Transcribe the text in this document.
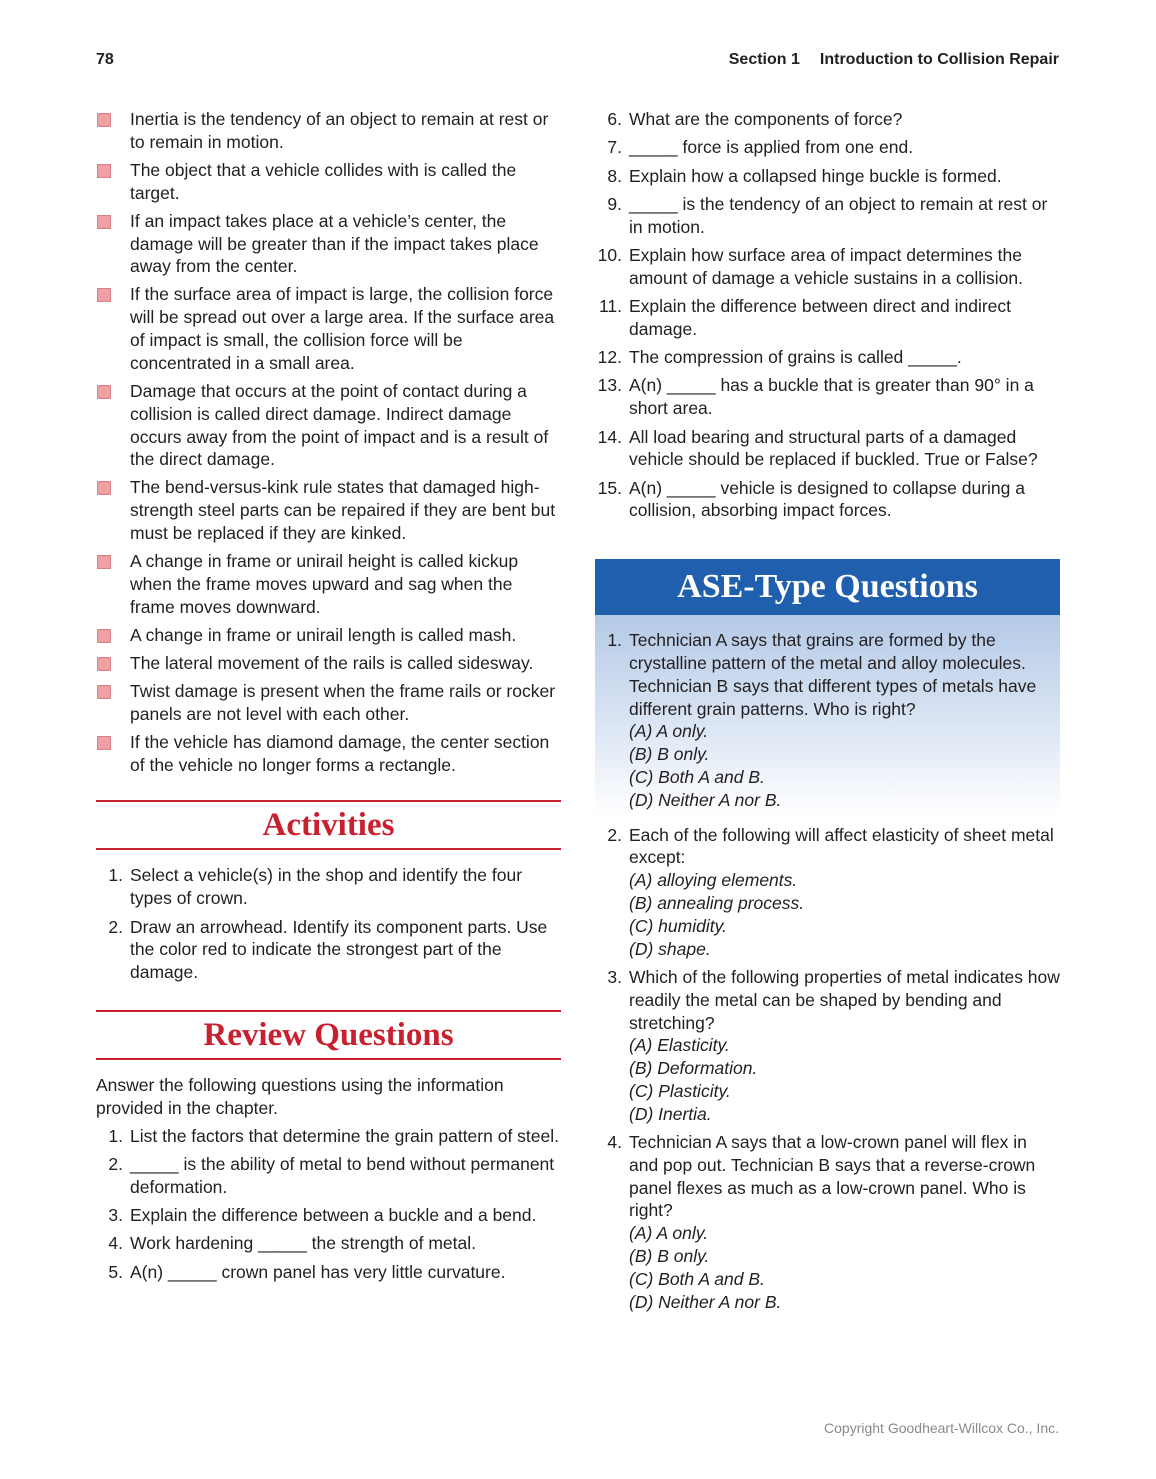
78	Section 1 Introduction to Collision Repair
Inertia is the tendency of an object to remain at rest or to remain in motion.
The object that a vehicle collides with is called the target.
If an impact takes place at a vehicle’s center, the damage will be greater than if the impact takes place away from the center.
If the surface area of impact is large, the collision force will be spread out over a large area. If the surface area of impact is small, the collision force will be concentrated in a small area.
Damage that occurs at the point of contact during a collision is called direct damage. Indirect damage occurs away from the point of impact and is a result of the direct damage.
The bend-versus-kink rule states that damaged high-strength steel parts can be repaired if they are bent but must be replaced if they are kinked.
A change in frame or unirail height is called kickup when the frame moves upward and sag when the frame moves downward.
A change in frame or unirail length is called mash.
The lateral movement of the rails is called sidesway.
Twist damage is present when the frame rails or rocker panels are not level with each other.
If the vehicle has diamond damage, the center section of the vehicle no longer forms a rectangle.
Activities
1. Select a vehicle(s) in the shop and identify the four types of crown.
2. Draw an arrowhead. Identify its component parts. Use the color red to indicate the strongest part of the damage.
Review Questions
Answer the following questions using the information provided in the chapter.
1. List the factors that determine the grain pattern of steel.
2. _____ is the ability of metal to bend without permanent deformation.
3. Explain the difference between a buckle and a bend.
4. Work hardening _____ the strength of metal.
5. A(n) _____ crown panel has very little curvature.
6. What are the components of force?
7. _____ force is applied from one end.
8. Explain how a collapsed hinge buckle is formed.
9. _____ is the tendency of an object to remain at rest or in motion.
10. Explain how surface area of impact determines the amount of damage a vehicle sustains in a collision.
11. Explain the difference between direct and indirect damage.
12. The compression of grains is called _____.
13. A(n) _____ has a buckle that is greater than 90° in a short area.
14. All load bearing and structural parts of a damaged vehicle should be replaced if buckled. True or False?
15. A(n) _____ vehicle is designed to collapse during a collision, absorbing impact forces.
ASE-Type Questions
1. Technician A says that grains are formed by the crystalline pattern of the metal and alloy molecules. Technician B says that different types of metals have different grain patterns. Who is right?
(A) A only.
(B) B only.
(C) Both A and B.
(D) Neither A nor B.
2. Each of the following will affect elasticity of sheet metal except:
(A) alloying elements.
(B) annealing process.
(C) humidity.
(D) shape.
3. Which of the following properties of metal indicates how readily the metal can be shaped by bending and stretching?
(A) Elasticity.
(B) Deformation.
(C) Plasticity.
(D) Inertia.
4. Technician A says that a low-crown panel will flex in and pop out. Technician B says that a reverse-crown panel flexes as much as a low-crown panel. Who is right?
(A) A only.
(B) B only.
(C) Both A and B.
(D) Neither A nor B.
Copyright Goodheart-Willcox Co., Inc.
